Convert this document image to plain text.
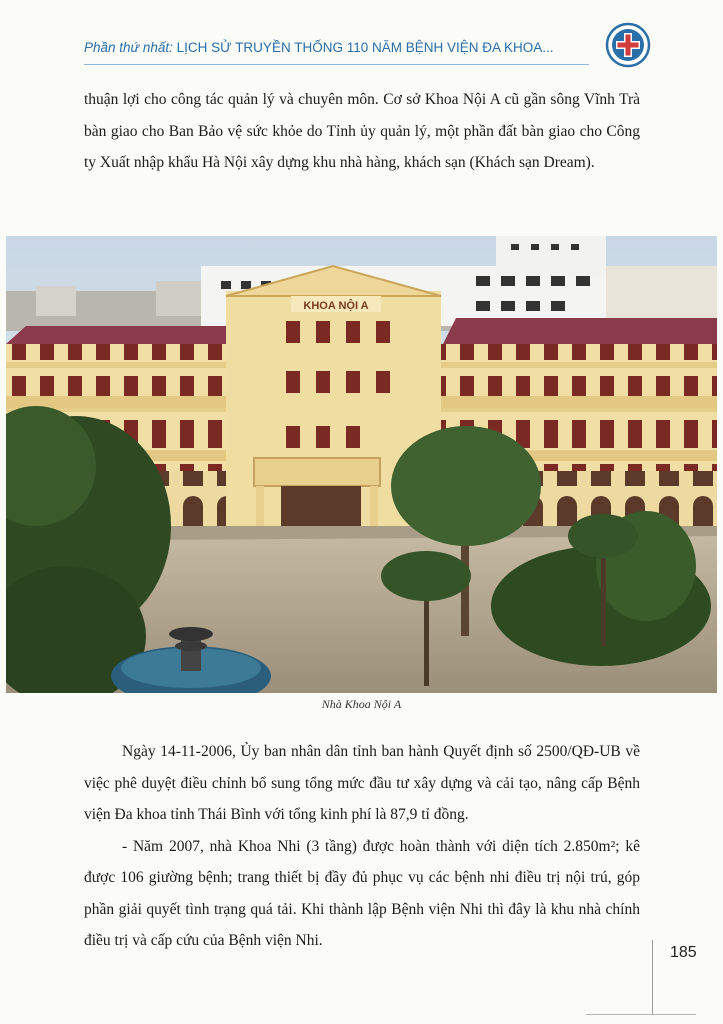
Phần thứ nhất: LỊCH SỬ TRUYỀN THỐNG 110 NĂM BỆNH VIỆN ĐA KHOA...

thuận lợi cho công tác quản lý và chuyên môn. Cơ sở Khoa Nội A cũ gần sông Vĩnh Trà bàn giao cho Ban Bảo vệ sức khỏe do Tỉnh ủy quản lý, một phần đất bàn giao cho Công ty Xuất nhập khẩu Hà Nội xây dựng khu nhà hàng, khách sạn (Khách sạn Dream).

KHOA NỘI A
Nhà Khoa Nội A

Ngày 14-11-2006, Ủy ban nhân dân tỉnh ban hành Quyết định số 2500/QĐ-UB về việc phê duyệt điều chỉnh bổ sung tổng mức đầu tư xây dựng và cải tạo, nâng cấp Bệnh viện Đa khoa tỉnh Thái Bình với tổng kinh phí là 87,9 tỉ đồng.

- Năm 2007, nhà Khoa Nhi (3 tầng) được hoàn thành với diện tích 2.850m²; kê được 106 giường bệnh; trang thiết bị đầy đủ phục vụ các bệnh nhi điều trị nội trú, góp phần giải quyết tình trạng quá tải. Khi thành lập Bệnh viện Nhi thì đây là khu nhà chính điều trị và cấp cứu của Bệnh viện Nhi.

185
